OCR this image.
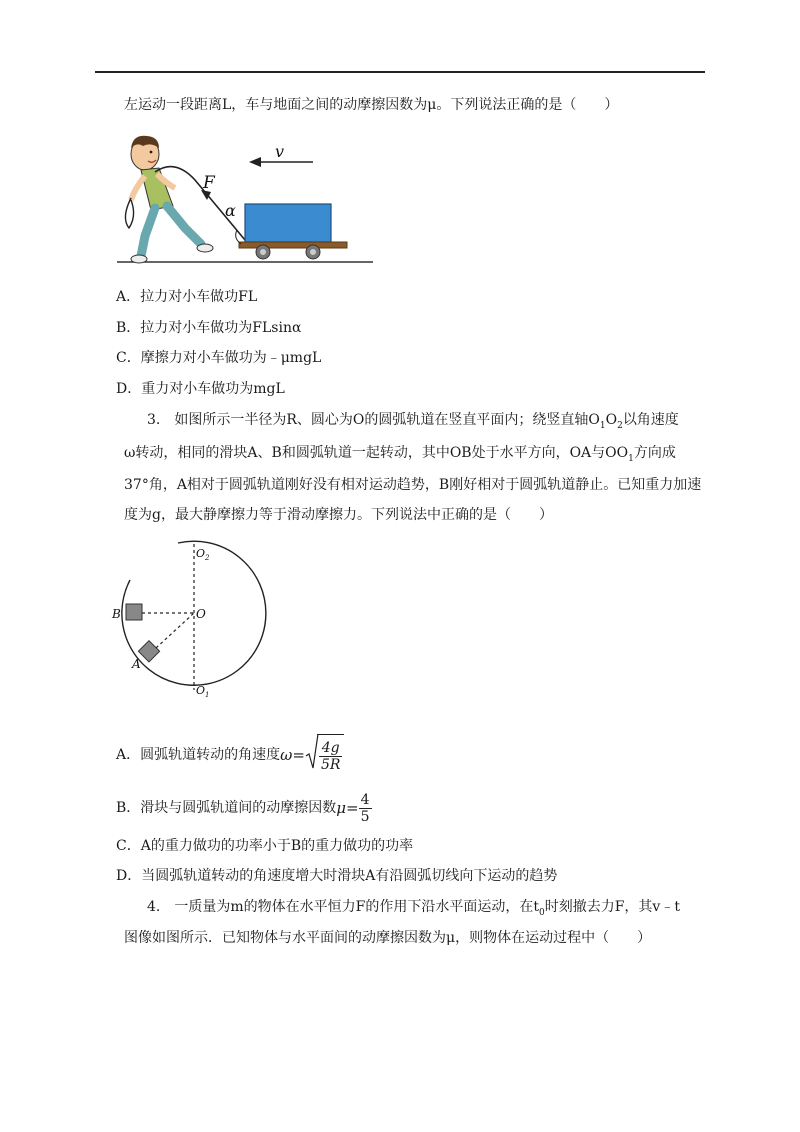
左运动一段距离L，车与地面之间的动摩擦因数为μ。下列说法正确的是（　　）
v
F
α
A．拉力对小车做功FL
B．拉力对小车做功为FLsinα
C．摩擦力对小车做功为﹣μmgL
D．重力对小车做功为mgL
3.　如图所示一半径为R、圆心为O的圆弧轨道在竖直平面内；绕竖直轴$O_1O_2$以角速度
ω转动，相同的滑块A、B和圆弧轨道一起转动，其中OB处于水平方向，OA与$OO_1$方向成
37°角，A相对于圆弧轨道刚好没有相对运动趋势，B刚好相对于圆弧轨道静止。已知重力加速
度为g，最大静摩擦力等于滑动摩擦力。下列说法中正确的是（　　）
$O_2$
O
B
A
$O_1$
A．圆弧轨道转动的角速度$\omega= \frac{4g}{5R}$
B．滑块与圆弧轨道间的动摩擦因数$\mu= \frac{4}{5}$
C．A的重力做功的功率小于B的重力做功的功率
D．当圆弧轨道转动的角速度增大时滑块A有沿圆弧切线向下运动的趋势
4.　一质量为m的物体在水平恒力F的作用下沿水平面运动，在$t_0$时刻撤去力F，其v﹣t
图像如图所示．已知物体与水平面间的动摩擦因数为μ，则物体在运动过程中（　　）
